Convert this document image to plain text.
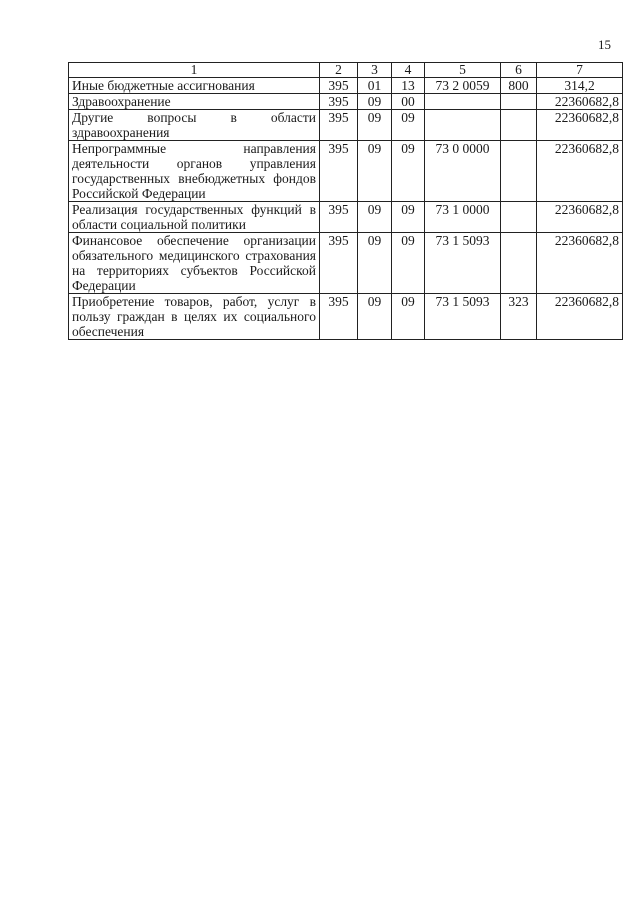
15
1	2	3	4	5	6	7
Иные бюджетные ассигнования	395	01	13	73 2 0059	800	314,2
Здравоохранение	395	09	00			22360682,8
Другие вопросы в области здравоохранения	395	09	09			22360682,8
Непрограммные направления деятельности органов управления государственных внебюджетных фондов Российской Федерации	395	09	09	73 0 0000		22360682,8
Реализация государственных функций в области социальной политики	395	09	09	73 1 0000		22360682,8
Финансовое обеспечение организации обязательного медицинского страхования на территориях субъектов Российской Федерации	395	09	09	73 1 5093		22360682,8
Приобретение товаров, работ, услуг в пользу граждан в целях их социального обеспечения	395	09	09	73 1 5093	323	22360682,8
